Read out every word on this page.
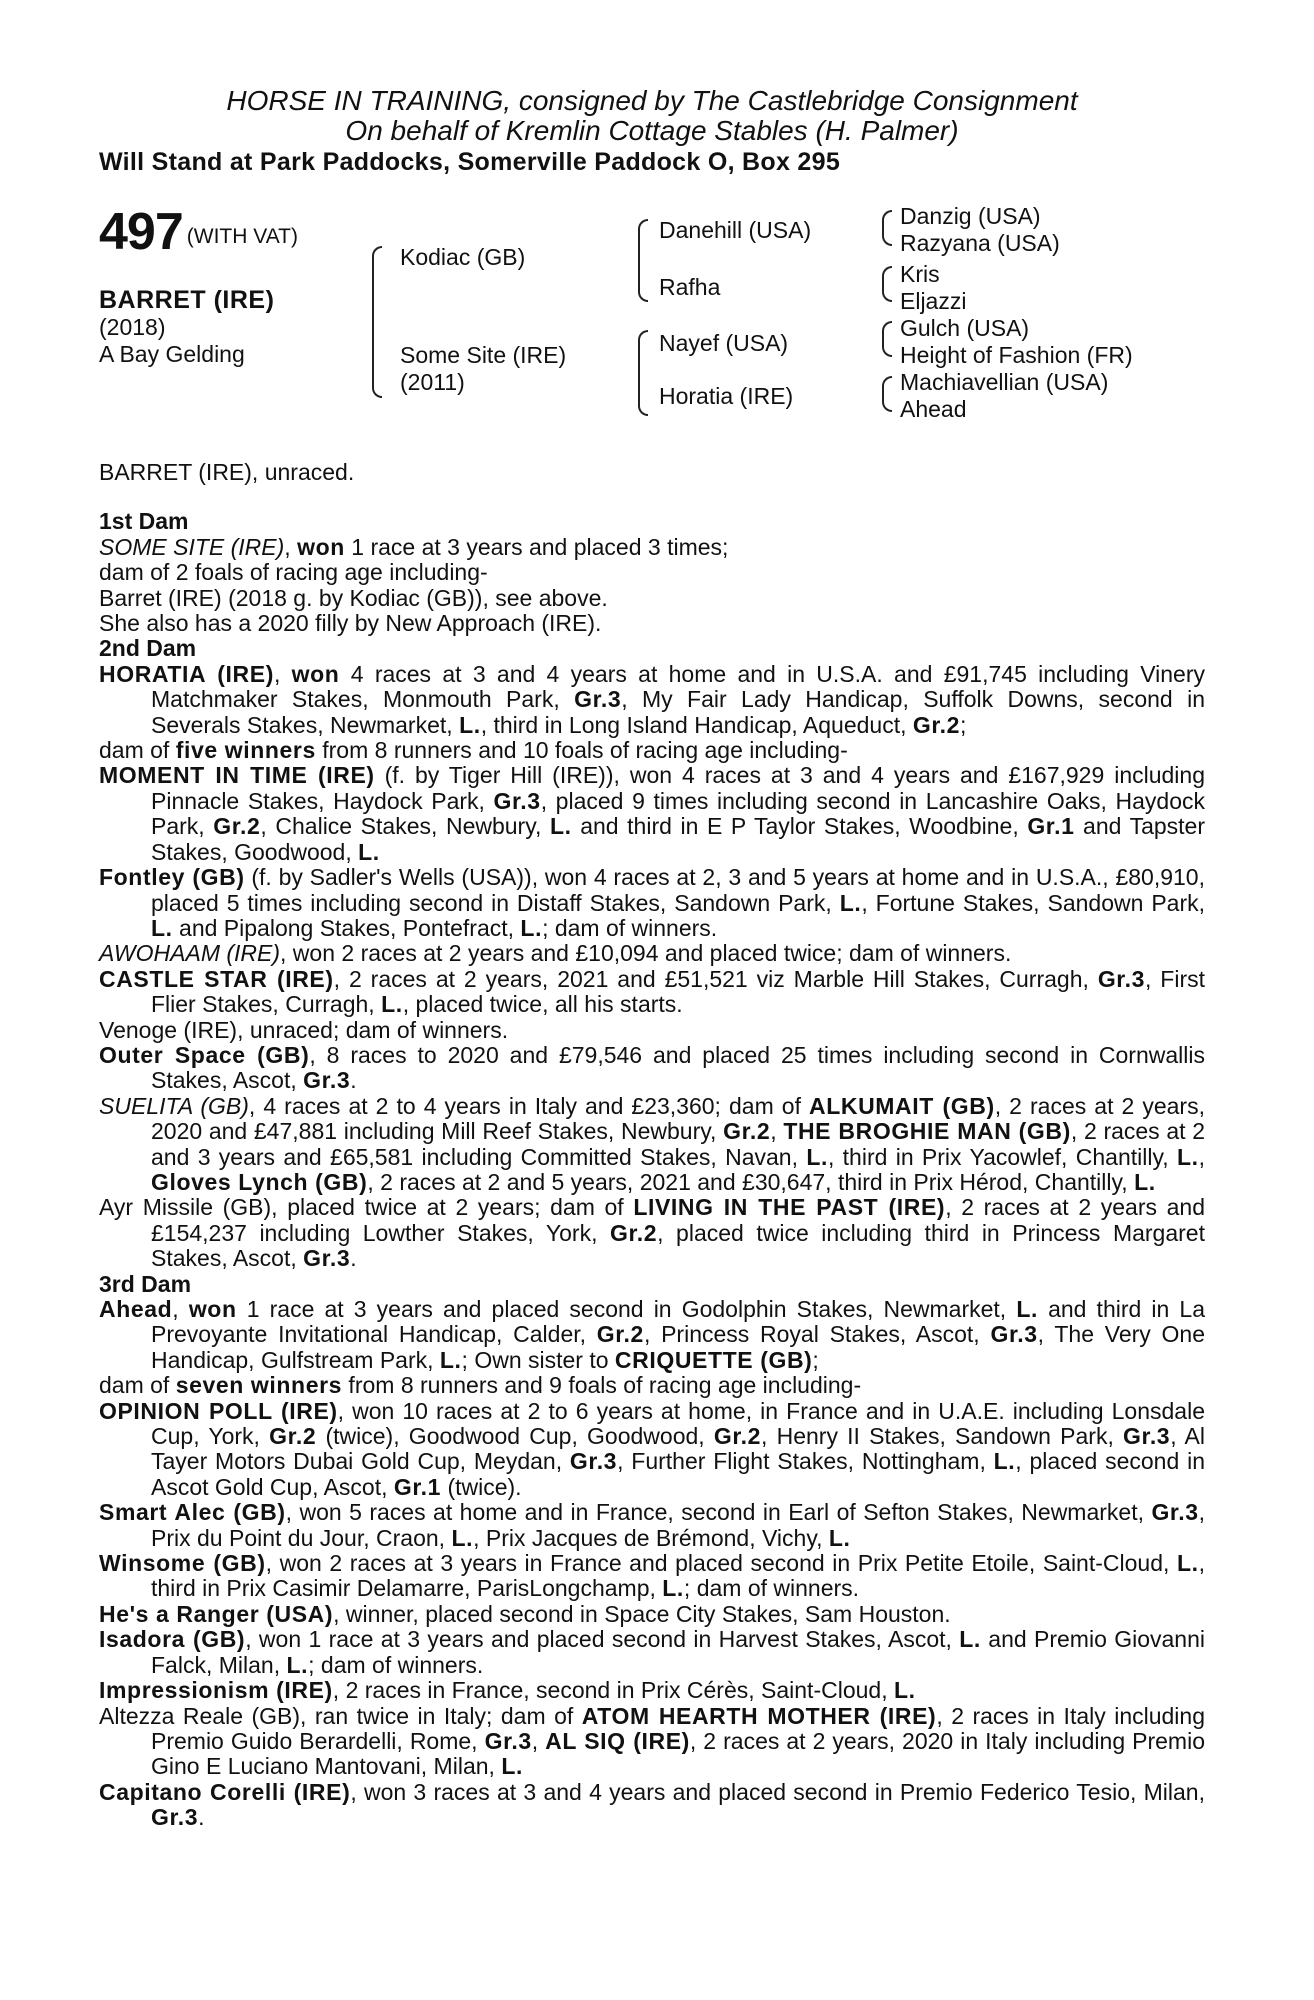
HORSE IN TRAINING, consigned by The Castlebridge Consignment
On behalf of Kremlin Cottage Stables (H. Palmer)
Will Stand at Park Paddocks, Somerville Paddock O, Box 295
497 (WITH VAT)
BARRET (IRE)
(2018)
A Bay Gelding
Kodiac (GB)
Some Site (IRE)
(2011)
Danehill (USA)
Rafha
Nayef (USA)
Horatia (IRE)
Danzig (USA)
Razyana (USA)
Kris
Eljazzi
Gulch (USA)
Height of Fashion (FR)
Machiavellian (USA)
Ahead

BARRET (IRE), unraced.

1st Dam

SOME SITE (IRE), won 1 race at 3 years and placed 3 times;

dam of 2 foals of racing age including-

Barret (IRE) (2018 g. by Kodiac (GB)), see above.

She also has a 2020 filly by New Approach (IRE).

2nd Dam

HORATIA (IRE), won 4 races at 3 and 4 years at home and in U.S.A. and £91,745 including Vinery Matchmaker Stakes, Monmouth Park, Gr.3, My Fair Lady Handicap, Suffolk Downs, second in Severals Stakes, Newmarket, L., third in Long Island Handicap, Aqueduct, Gr.2;

dam of five winners from 8 runners and 10 foals of racing age including-

MOMENT IN TIME (IRE) (f. by Tiger Hill (IRE)), won 4 races at 3 and 4 years and £167,929 including Pinnacle Stakes, Haydock Park, Gr.3, placed 9 times including second in Lancashire Oaks, Haydock Park, Gr.2, Chalice Stakes, Newbury, L. and third in E P Taylor Stakes, Woodbine, Gr.1 and Tapster Stakes, Goodwood, L.

Fontley (GB) (f. by Sadler's Wells (USA)), won 4 races at 2, 3 and 5 years at home and in U.S.A., £80,910, placed 5 times including second in Distaff Stakes, Sandown Park, L., Fortune Stakes, Sandown Park, L. and Pipalong Stakes, Pontefract, L.; dam of winners.

AWOHAAM (IRE), won 2 races at 2 years and £10,094 and placed twice; dam of winners.

CASTLE STAR (IRE), 2 races at 2 years, 2021 and £51,521 viz Marble Hill Stakes, Curragh, Gr.3, First Flier Stakes, Curragh, L., placed twice, all his starts.

Venoge (IRE), unraced; dam of winners.

Outer Space (GB), 8 races to 2020 and £79,546 and placed 25 times including second in Cornwallis Stakes, Ascot, Gr.3.

SUELITA (GB), 4 races at 2 to 4 years in Italy and £23,360; dam of ALKUMAIT (GB), 2 races at 2 years, 2020 and £47,881 including Mill Reef Stakes, Newbury, Gr.2, THE BROGHIE MAN (GB), 2 races at 2 and 3 years and £65,581 including Committed Stakes, Navan, L., third in Prix Yacowlef, Chantilly, L., Gloves Lynch (GB), 2 races at 2 and 5 years, 2021 and £30,647, third in Prix Hérod, Chantilly, L.

Ayr Missile (GB), placed twice at 2 years; dam of LIVING IN THE PAST (IRE), 2 races at 2 years and £154,237 including Lowther Stakes, York, Gr.2, placed twice including third in Princess Margaret Stakes, Ascot, Gr.3.

3rd Dam

Ahead, won 1 race at 3 years and placed second in Godolphin Stakes, Newmarket, L. and third in La Prevoyante Invitational Handicap, Calder, Gr.2, Princess Royal Stakes, Ascot, Gr.3, The Very One Handicap, Gulfstream Park, L.; Own sister to CRIQUETTE (GB);

dam of seven winners from 8 runners and 9 foals of racing age including-

OPINION POLL (IRE), won 10 races at 2 to 6 years at home, in France and in U.A.E. including Lonsdale Cup, York, Gr.2 (twice), Goodwood Cup, Goodwood, Gr.2, Henry II Stakes, Sandown Park, Gr.3, Al Tayer Motors Dubai Gold Cup, Meydan, Gr.3, Further Flight Stakes, Nottingham, L., placed second in Ascot Gold Cup, Ascot, Gr.1 (twice).

Smart Alec (GB), won 5 races at home and in France, second in Earl of Sefton Stakes, Newmarket, Gr.3, Prix du Point du Jour, Craon, L., Prix Jacques de Brémond, Vichy, L.

Winsome (GB), won 2 races at 3 years in France and placed second in Prix Petite Etoile, Saint-Cloud, L., third in Prix Casimir Delamarre, ParisLongchamp, L.; dam of winners.

He's a Ranger (USA), winner, placed second in Space City Stakes, Sam Houston.

Isadora (GB), won 1 race at 3 years and placed second in Harvest Stakes, Ascot, L. and Premio Giovanni Falck, Milan, L.; dam of winners.

Impressionism (IRE), 2 races in France, second in Prix Cérès, Saint-Cloud, L.

Altezza Reale (GB), ran twice in Italy; dam of ATOM HEARTH MOTHER (IRE), 2 races in Italy including Premio Guido Berardelli, Rome, Gr.3, AL SIQ (IRE), 2 races at 2 years, 2020 in Italy including Premio Gino E Luciano Mantovani, Milan, L.

Capitano Corelli (IRE), won 3 races at 3 and 4 years and placed second in Premio Federico Tesio, Milan, Gr.3.
